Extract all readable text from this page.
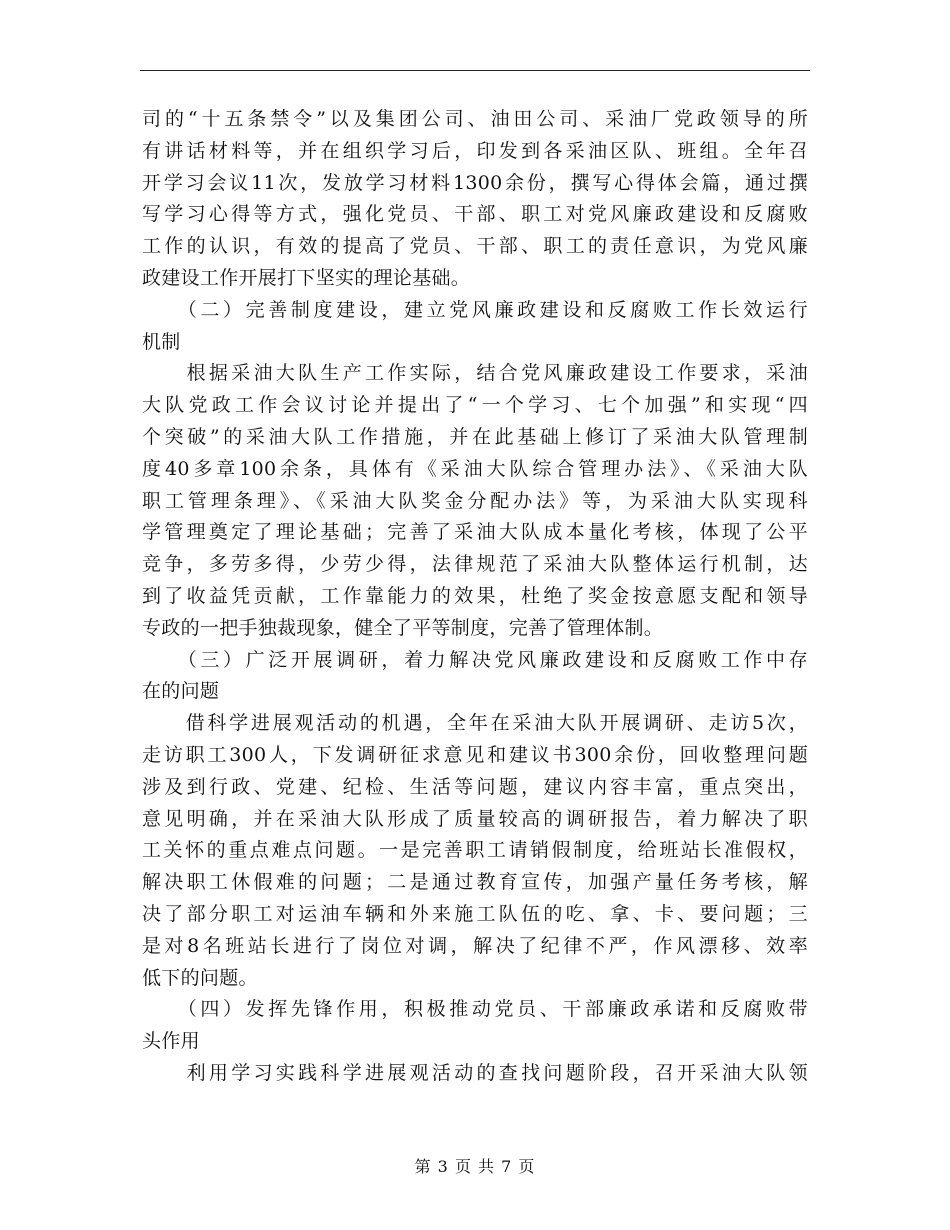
司的“十五条禁令”以及集团公司、油田公司、采油厂党政领导的所
有讲话材料等，并在组织学习后，印发到各采油区队、班组。全年召
开学习会议11次，发放学习材料1300余份，撰写心得体会篇，通过撰
写学习心得等方式，强化党员、干部、职工对党风廉政建设和反腐败
工作的认识，有效的提高了党员、干部、职工的责任意识，为党风廉
政建设工作开展打下坚实的理论基础。
　　（二）完善制度建设，建立党风廉政建设和反腐败工作长效运行
机制
　　根据采油大队生产工作实际，结合党风廉政建设工作要求，采油
大队党政工作会议讨论并提出了“一个学习、七个加强”和实现“四
个突破”的采油大队工作措施，并在此基础上修订了采油大队管理制
度40多章100余条，具体有《采油大队综合管理办法》、《采油大队
职工管理条理》、《采油大队奖金分配办法》等，为采油大队实现科
学管理奠定了理论基础；完善了采油大队成本量化考核，体现了公平
竞争，多劳多得，少劳少得，法律规范了采油大队整体运行机制，达
到了收益凭贡献，工作靠能力的效果，杜绝了奖金按意愿支配和领导
专政的一把手独裁现象，健全了平等制度，完善了管理体制。
　　（三）广泛开展调研，着力解决党风廉政建设和反腐败工作中存
在的问题
　　借科学进展观活动的机遇，全年在采油大队开展调研、走访5次，
走访职工300人，下发调研征求意见和建议书300余份，回收整理问题
涉及到行政、党建、纪检、生活等问题，建议内容丰富，重点突出，
意见明确，并在采油大队形成了质量较高的调研报告，着力解决了职
工关怀的重点难点问题。一是完善职工请销假制度，给班站长准假权，
解决职工休假难的问题；二是通过教育宣传，加强产量任务考核，解
决了部分职工对运油车辆和外来施工队伍的吃、拿、卡、要问题；三
是对8名班站长进行了岗位对调，解决了纪律不严，作风漂移、效率
低下的问题。
　　（四）发挥先锋作用，积极推动党员、干部廉政承诺和反腐败带
头作用
　　利用学习实践科学进展观活动的查找问题阶段，召开采油大队领
第 3 页 共 7 页
